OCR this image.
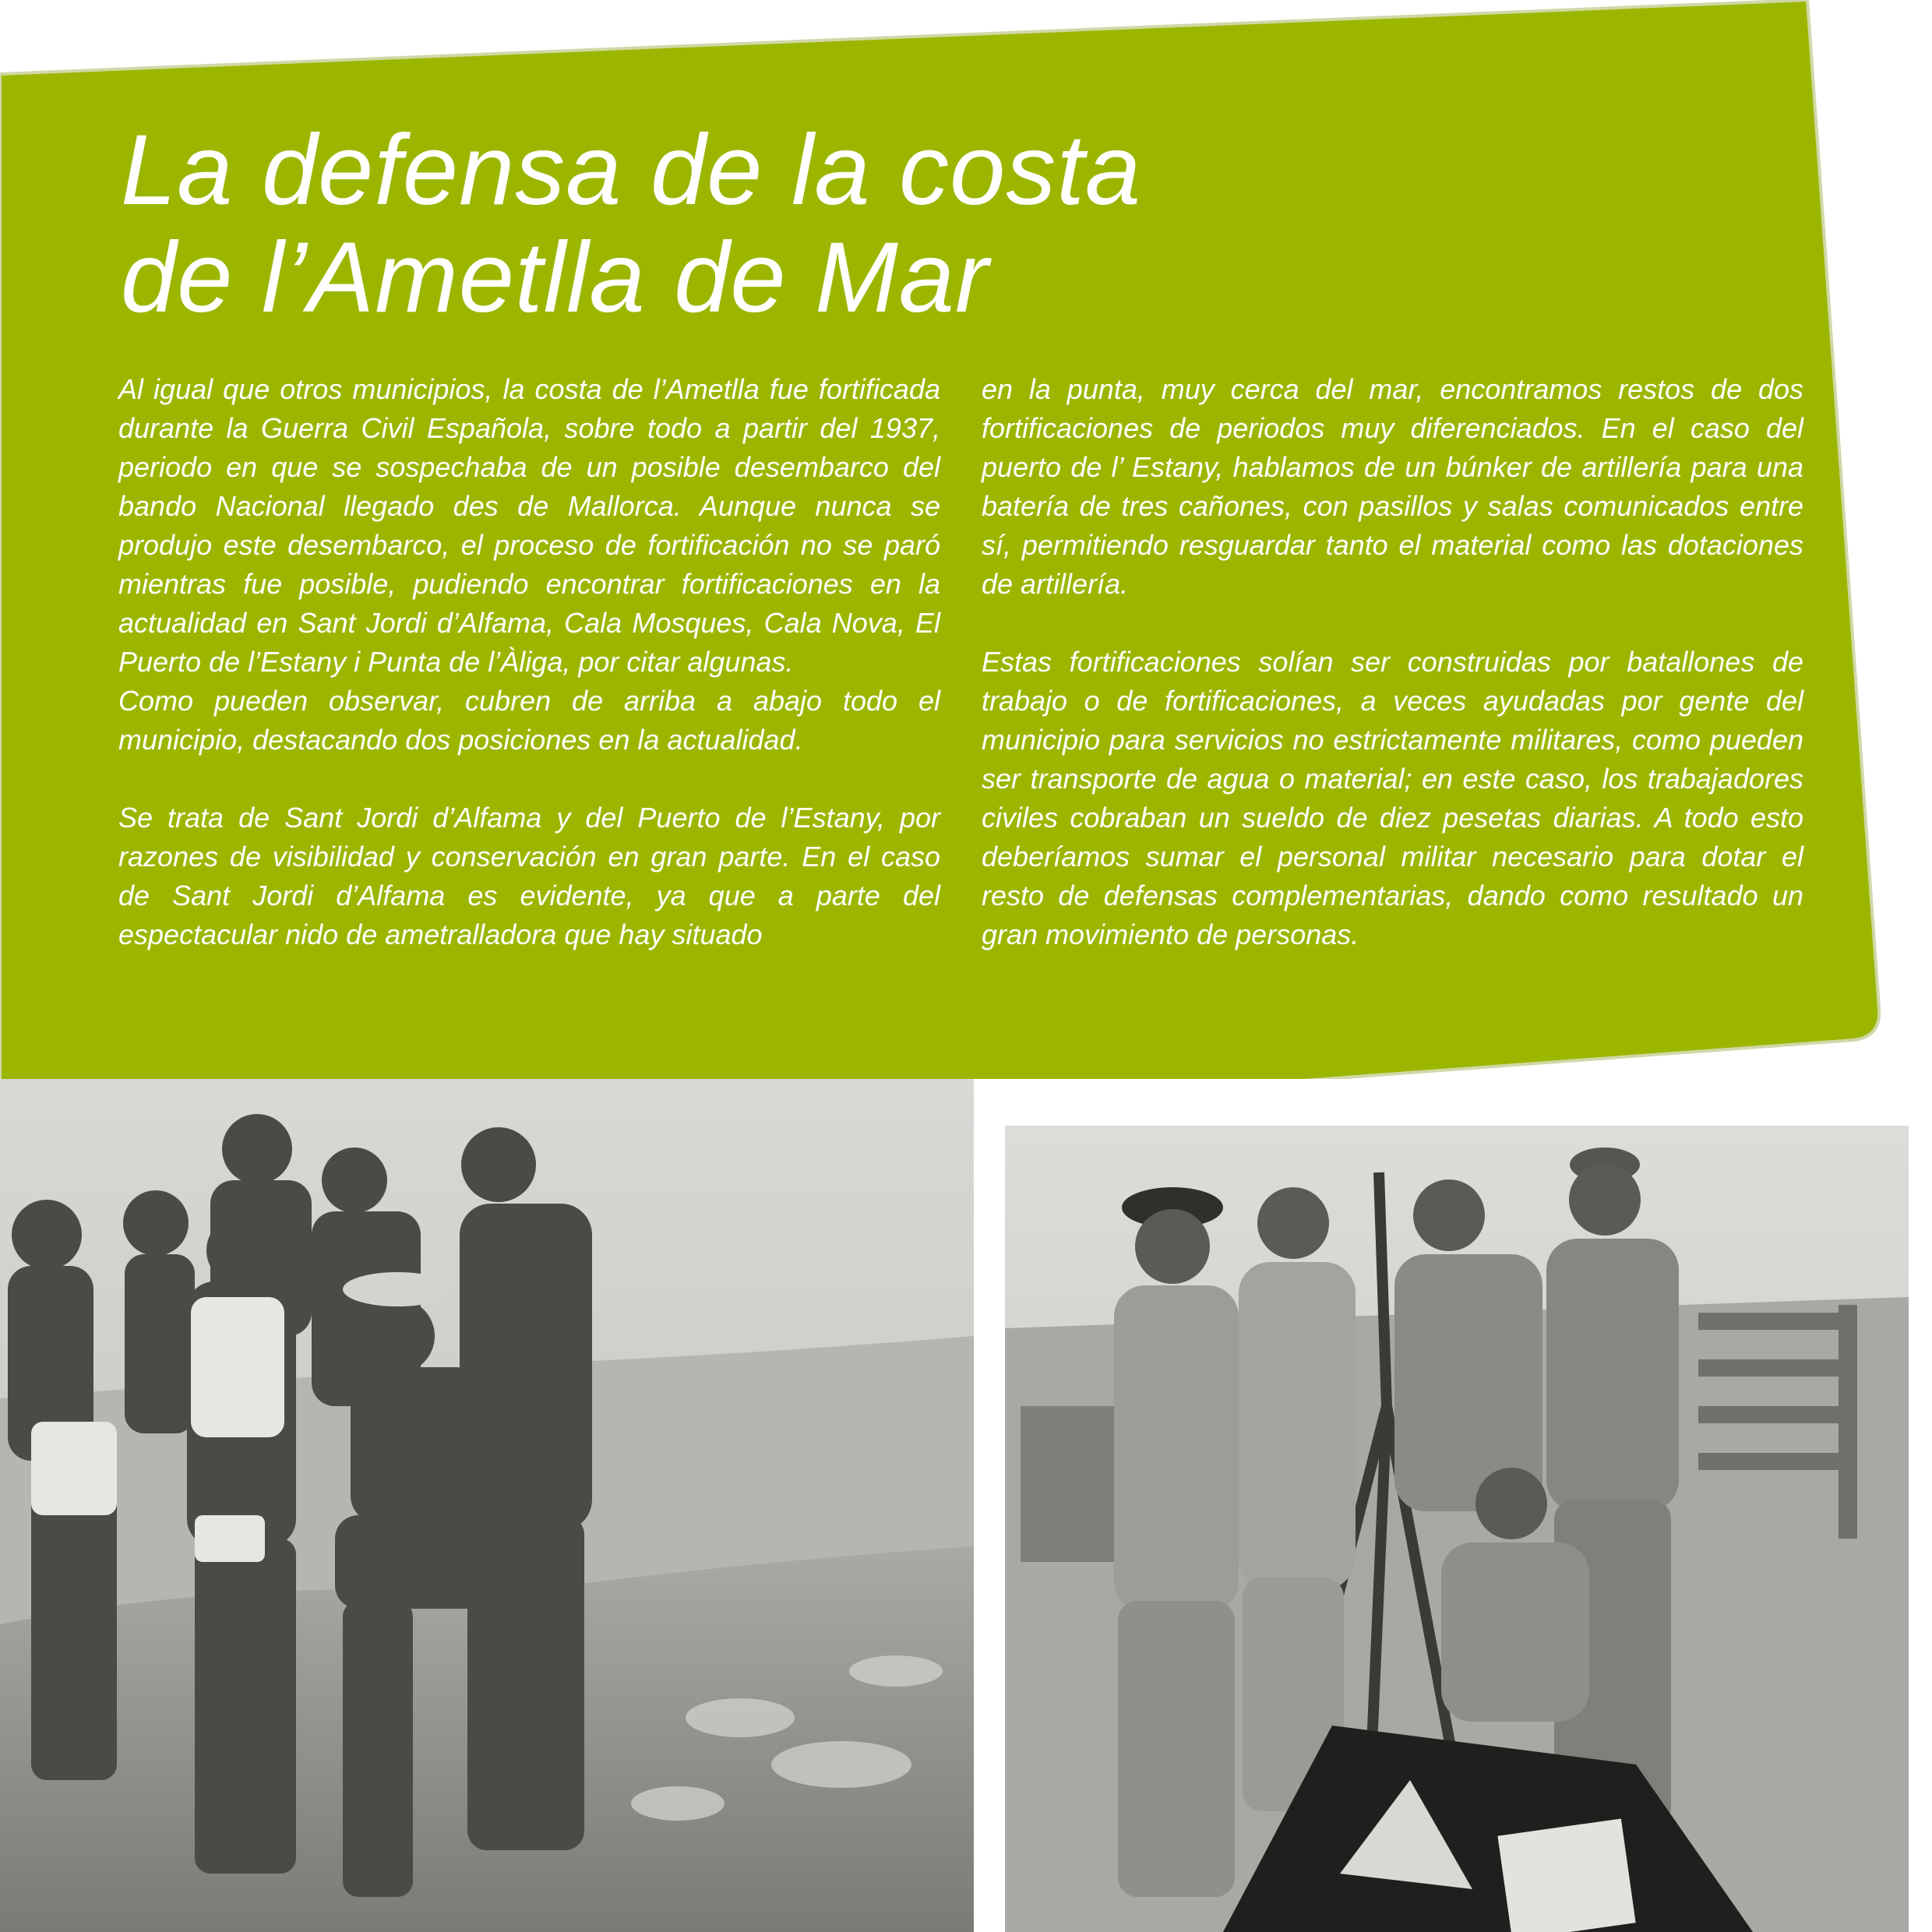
La defensa de la costa
de l’Ametlla de Mar

Al igual que otros municipios, la costa de l’Ametlla fue fortificada durante la Guerra Civil Española, sobre todo a partir del 1937, periodo en que se sospechaba de un posible desembarco del bando Nacional llegado des de Mallorca. Aunque nunca se produjo este desembarco, el proceso de fortificación no se paró mientras fue posible, pudiendo encontrar fortificaciones en la actualidad en Sant Jordi d’Alfama, Cala Mosques, Cala Nova, El Puerto de l’Estany i Punta de l’Àliga, por citar algunas.

Como pueden observar, cubren de arriba a abajo todo el municipio, destacando dos posiciones en la actualidad.

Se trata de Sant Jordi d’Alfama y del Puerto de l’Estany, por razones de visibilidad y conservación en gran parte. En el caso de Sant Jordi d’Alfama es evidente, ya que a parte del espectacular nido de ametralladora que hay situado

en la punta, muy cerca del mar, encontramos restos de dos fortificaciones de periodos muy diferenciados. En el caso del puerto de l’ Estany, hablamos de un búnker de artillería para una batería de tres cañones, con pasillos y salas comunicados entre sí, permitiendo resguardar tanto el material como las dotaciones de artillería.

Estas fortificaciones solían ser construidas por batallones de trabajo o de fortificaciones, a veces ayudadas por gente del municipio para servicios no estrictamente militares, como pueden ser transporte de agua o material; en este caso, los trabajadores civiles cobraban un sueldo de diez pesetas diarias. A todo esto deberíamos sumar el personal militar necesario para dotar el resto de defensas complementarias, dando como resultado un gran movimiento de personas.
